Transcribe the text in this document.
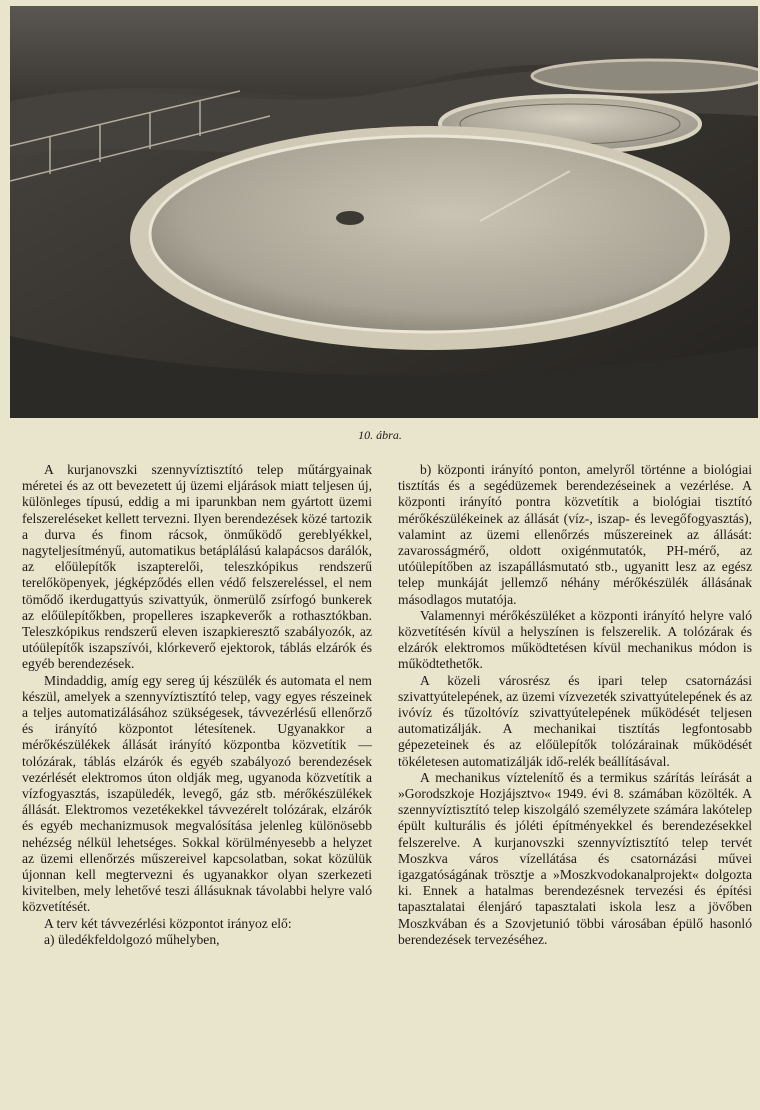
10. ábra.

A kurjanovszki szennyvíztisztító telep műtárgyainak méretei és az ott bevezetett új üzemi eljárások miatt teljesen új, különleges típusú, eddig a mi iparunkban nem gyártott üzemi felszereléseket kellett tervezni. Ilyen berendezések közé tartozik a durva és finom rácsok, önműködő gereblyékkel, nagyteljesítményű, automatikus betáplálású kalapácsos darálók, az előülepítők iszapterelői, teleszkópikus rendszerű terelőköpenyek, jégképződés ellen védő felszereléssel, el nem tömődő ikerdugattyús szivattyúk, önmerülő zsírfogó bunkerek az előülepítőkben, propelleres iszapkeverők a rothasztókban. Teleszkópikus rendszerű eleven iszapkieresztő szabályozók, az utóülepítők iszapszívói, klórkeverő ejektorok, táblás elzárók és egyéb berendezések.

Mindaddig, amíg egy sereg új készülék és automata el nem készül, amelyek a szennyvíztisztító telep, vagy egyes részeinek a teljes automatizálásához szükségesek, távvezérlésű ellenőrző és irányító központot létesítenek. Ugyanakkor a mérőkészülékek állását irányító központba közvetítik — tolózárak, táblás elzárók és egyéb szabályozó berendezések vezérlését elektromos úton oldják meg, ugyanoda közvetítik a vízfogyasztás, iszapüledék, levegő, gáz stb. mérőkészülékek állását. Elektromos vezetékekkel távvezérelt tolózárak, elzárók és egyéb mechanizmusok megvalósítása jelenleg különösebb nehézség nélkül lehetséges. Sokkal körülményesebb a helyzet az üzemi ellenőrzés műszereivel kapcsolatban, sokat közülük újonnan kell megtervezni és ugyanakkor olyan szerkezeti kivitelben, mely lehetővé teszi állásuknak távolabbi helyre való közvetítését.

A terv két távvezérlési központot irányoz elő:

a) üledékfeldolgozó műhelyben,

b) központi irányító ponton, amelyről történne a biológiai tisztítás és a segédüzemek berendezéseinek a vezérlése. A központi irányító pontra közvetítik a biológiai tisztító mérőkészülékeinek az állását (víz-, iszap- és levegőfogyasztás), valamint az üzemi ellenőrzés műszereinek az állását: zavarosságmérő, oldott oxigénmutatók, PH-mérő, az utóülepítőben az iszapállásmutató stb., ugyanitt lesz az egész telep munkáját jellemző néhány mérőkészülék állásának másodlagos mutatója.

Valamennyi mérőkészüléket a központi irányító helyre való közvetítésén kívül a helyszínen is felszerelik. A tolózárak és elzárók elektromos működtetésen kívül mechanikus módon is működtethetők.

A közeli városrész és ipari telep csatornázási szivattyútelepének, az üzemi vízvezeték szivattyútelepének és az ivóvíz és tűzoltóvíz szivattyútelepének működését teljesen automatizálják. A mechanikai tisztítás legfontosabb gépezeteinek és az előülepítők tolózárainak működését tökéletesen automatizálják idő-relék beállításával.

A mechanikus víztelenítő és a termikus szárítás leírását a »Gorodszkoje Hozjájsztvo« 1949. évi 8. számában közölték. A szennyvíztisztító telep kiszolgáló személyzete számára lakótelep épült kulturális és jóléti építményekkel és berendezésekkel felszerelve. A kurjanovszki szennyvíztisztító telep tervét Moszkva város vízellátása és csatornázási művei igazgatóságának trösztje a »Moszkvodokanalprojekt« dolgozta ki. Ennek a hatalmas berendezésnek tervezési és építési tapasztalatai élenjáró tapasztalati iskola lesz a jövőben Moszkvában és a Szovjetunió többi városában épülő hasonló berendezések tervezéséhez.
